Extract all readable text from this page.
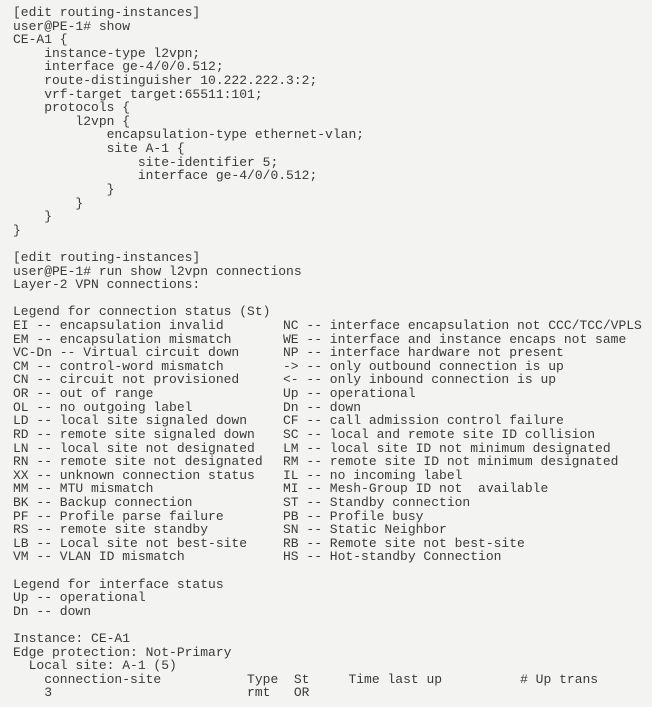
[edit routing-instances]
user@PE-1# show
CE-A1 {
instance-type l2vpn;
interface ge-4/0/0.512;
route-distinguisher 10.222.222.3:2;
vrf-target target:65511:101;
protocols {
l2vpn {
encapsulation-type ethernet-vlan;
site A-1 {
site-identifier 5;
interface ge-4/0/0.512;
}
}
}
}
[edit routing-instances]
user@PE-1# run show l2vpn connections
Layer-2 VPN connections:
Legend for connection status (St)
EI -- encapsulation invalid	NC -- interface encapsulation not CCC/TCC/VPLS
EM -- encapsulation mismatch	WE -- interface and instance encaps not same
VC-Dn -- Virtual circuit down	NP -- interface hardware not present
CM -- control-word mismatch	-> -- only outbound connection is up
CN -- circuit not provisioned	<- -- only inbound connection is up
OR -- out of range	Up -- operational
OL -- no outgoing label	Dn -- down
LD -- local site signaled down	CF -- call admission control failure
RD -- remote site signaled down SC -- local and remote site ID collision
LN -- local site not designated LM -- local site ID not minimum designated
RN -- remote site not designated RM -- remote site ID not minimum designated
XX -- unknown connection status IL -- no incoming label
MM -- MTU mismatch	MI -- Mesh-Group ID not  available
BK -- Backup connection	ST -- Standby connection
PF -- Profile parse failure	PB -- Profile busy
RS -- remote site standby	SN -- Static Neighbor
LB -- Local site not best-site	RB -- Remote site not best-site
VM -- VLAN ID mismatch	HS -- Hot-standby Connection
Legend for interface status
Up -- operational
Dn -- down
Instance: CE-A1
Edge protection: Not-Primary
Local site: A-1 (5)
connection-site           Type  St     Time last up          # Up trans
3                         rmt   OR
